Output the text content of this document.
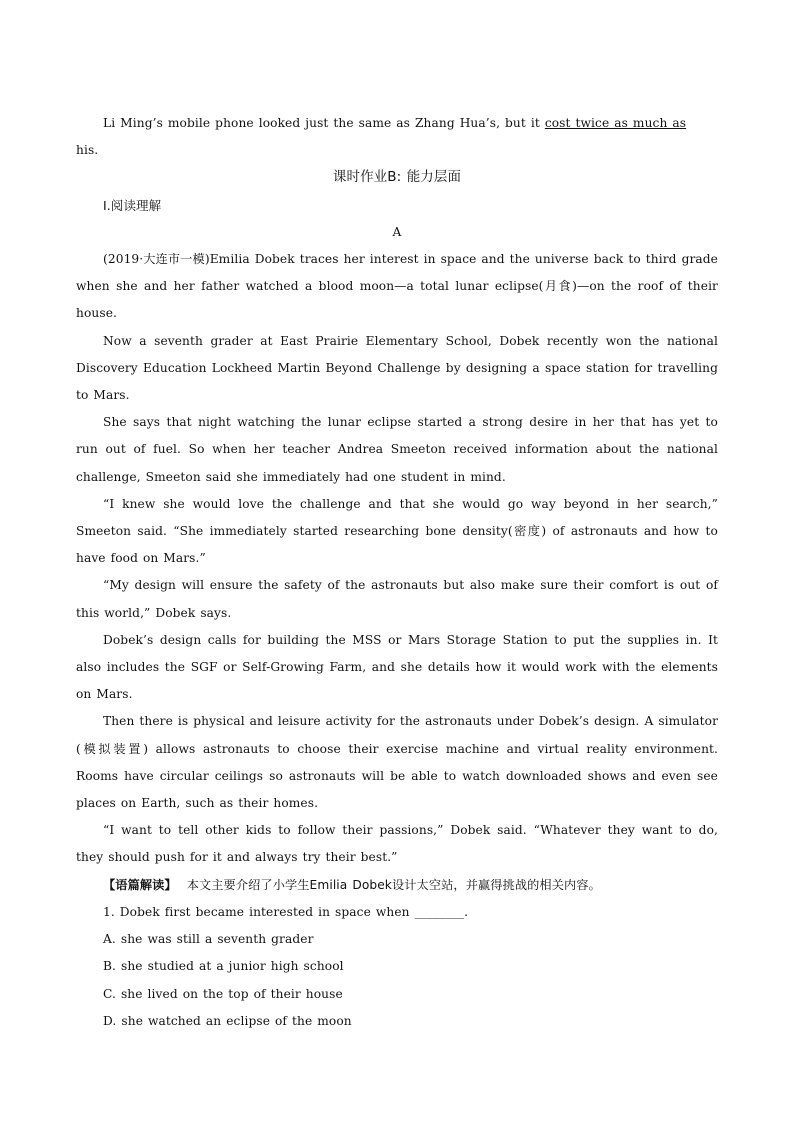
Li Ming’s mobile phone looked just the same as Zhang Hua’s, but it cost twice as much as

his.

课时作业B: 能力层面

Ⅰ.阅读理解

A

(2019·大连市一模)Emilia Dobek traces her interest in space and the universe back to third grade when she and her father watched a blood moon—a total lunar eclipse(月食)—on the roof of their house.

Now a seventh grader at East Prairie Elementary School, Dobek recently won the national Discovery Education Lockheed Martin Beyond Challenge by designing a space station for travelling to Mars.

She says that night watching the lunar eclipse started a strong desire in her that has yet to run out of fuel. So when her teacher Andrea Smeeton received information about the national challenge, Smeeton said she immediately had one student in mind.

“I knew she would love the challenge and that she would go way beyond in her search,” Smeeton said. “She immediately started researching bone density(密度) of astronauts and how to have food on Mars.”

“My design will ensure the safety of the astronauts but also make sure their comfort is out of this world,” Dobek says.

Dobek’s design calls for building the MSS or Mars Storage Station to put the supplies in. It also includes the SGF or Self-Growing Farm, and she details how it would work with the elements on Mars.

Then there is physical and leisure activity for the astronauts under Dobek’s design. A simulator (模拟装置) allows astronauts to choose their exercise machine and virtual reality environment. Rooms have circular ceilings so astronauts will be able to watch downloaded shows and even see places on Earth, such as their homes.

“I want to tell other kids to follow their passions,” Dobek said. “Whatever they want to do, they should push for it and always try their best.”

【语篇解读】 本文主要介绍了小学生Emilia Dobek设计太空站，并赢得挑战的相关内容。

1. Dobek first became interested in space when ________.

A. she was still a seventh grader

B. she studied at a junior high school

C. she lived on the top of their house

D. she watched an eclipse of the moon
